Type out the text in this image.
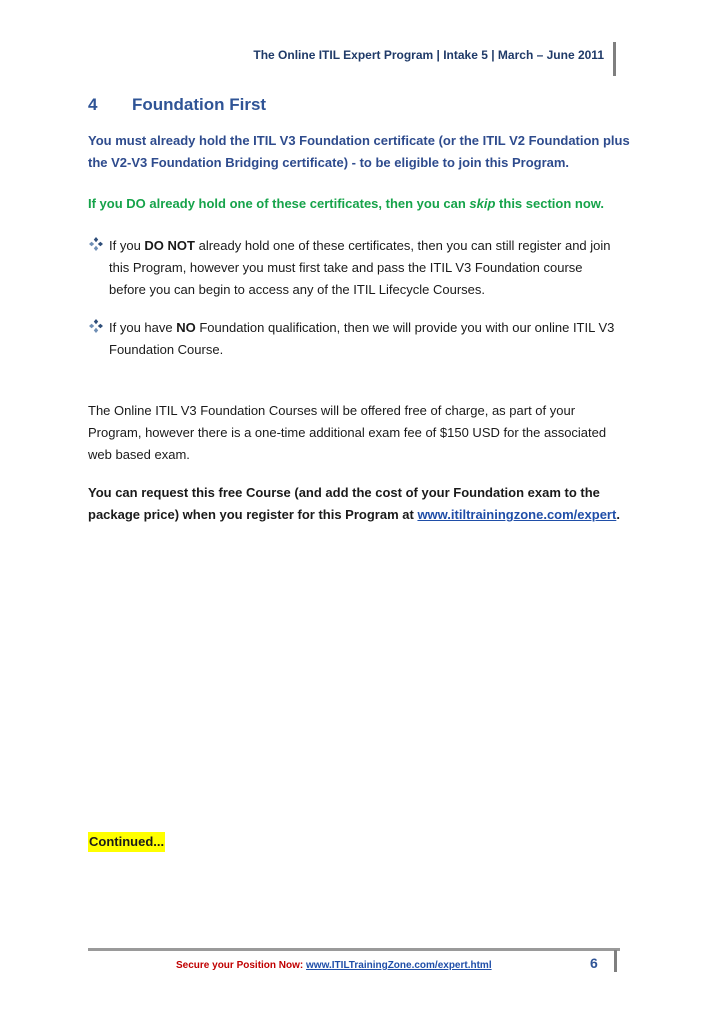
The Online ITIL Expert Program | Intake 5 | March – June 2011
4 Foundation First
You must already hold the ITIL V3 Foundation certificate (or the ITIL V2 Foundation plus
the V2-V3 Foundation Bridging certificate) - to be eligible to join this Program.
If you DO already hold one of these certificates, then you can skip this section now.
If you DO NOT already hold one of these certificates, then you can still register and join
this Program, however you must first take and pass the ITIL V3 Foundation course
before you can begin to access any of the ITIL Lifecycle Courses.
If you have NO Foundation qualification, then we will provide you with our online ITIL V3
Foundation Course.
The Online ITIL V3 Foundation Courses will be offered free of charge, as part of your
Program, however there is a one-time additional exam fee of $150 USD for the associated
web based exam.
You can request this free Course (and add the cost of your Foundation exam to the
package price) when you register for this Program at www.itiltrainingzone.com/expert.
Continued...
Secure your Position Now: www.ITILTrainingZone.com/expert.html	6
